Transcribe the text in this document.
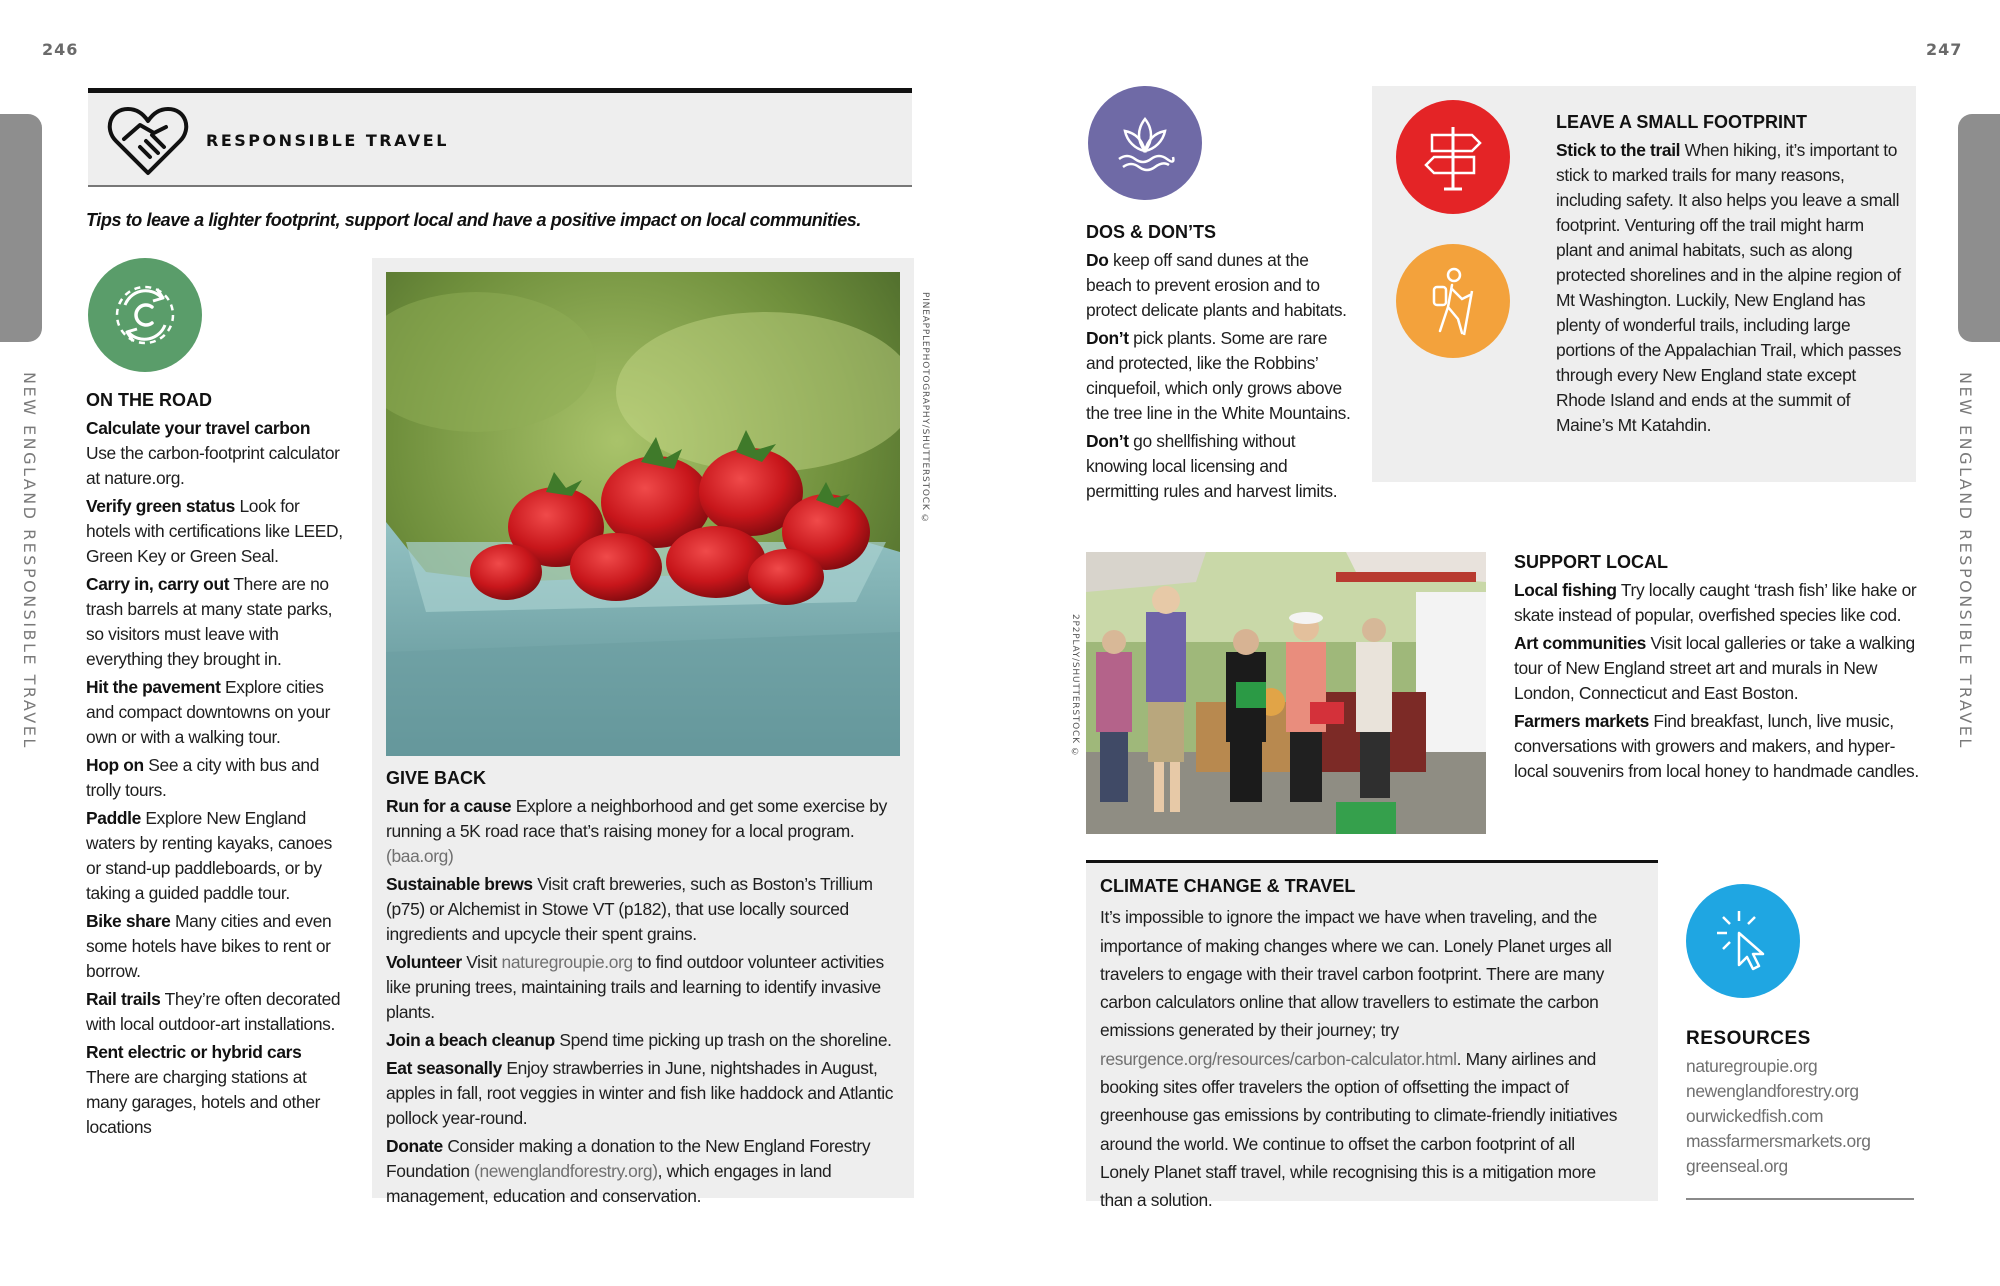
246	247
NEW ENGLAND RESPONSIBLE TRAVEL	NEW ENGLAND RESPONSIBLE TRAVEL
RESPONSIBLE TRAVEL
Tips to leave a lighter footprint, support local and have a positive impact on local communities.
ON THE ROAD

Calculate your travel carbon
Use the carbon-footprint calculator at nature.org.

Verify green status Look for hotels with certifications like LEED, Green Key or Green Seal.

Carry in, carry out There are no trash barrels at many state parks, so visitors must leave with everything they brought in.

Hit the pavement Explore cities and compact downtowns on your own or with a walking tour.

Hop on See a city with bus and trolly tours.

Paddle Explore New England waters by renting kayaks, canoes or stand-up paddleboards, or by taking a guided paddle tour.

Bike share Many cities and even some hotels have bikes to rent or borrow.

Rail trails They’re often decorated with local outdoor-art installations.

Rent electric or hybrid cars
There are charging stations at many garages, hotels and other locations

PINEAPPLEPHOTOGRAPHY/SHUTTERSTOCK ©
GIVE BACK

Run for a cause Explore a neighborhood and get some exercise by running a 5K road race that’s raising money for a local program. (baa.org)

Sustainable brews Visit craft breweries, such as Boston’s Trillium (p75) or Alchemist in Stowe VT (p182), that use locally sourced ingredients and upcycle their spent grains.

Volunteer Visit naturegroupie.org to find outdoor volunteer activities like pruning trees, maintaining trails and learning to identify invasive plants.

Join a beach cleanup Spend time picking up trash on the shoreline.

Eat seasonally Enjoy strawberries in June, nightshades in August, apples in fall, root veggies in winter and fish like haddock and Atlantic pollock year-round.

Donate Consider making a donation to the New England Forestry Foundation (newenglandforestry.org), which engages in land management, education and conservation.

DOS & DON’TS

Do keep off sand dunes at the beach to prevent erosion and to protect delicate plants and habitats.

Don’t pick plants. Some are rare and protected, like the Robbins’ cinquefoil, which only grows above the tree line in the White Mountains.

Don’t go shellfishing without knowing local licensing and permitting rules and harvest limits.

LEAVE A SMALL FOOTPRINT

Stick to the trail When hiking, it’s important to stick to marked trails for many reasons, including safety. It also helps you leave a small footprint. Venturing off the trail might harm plant and animal habitats, such as along protected shorelines and in the alpine region of Mt Washington. Luckily, New England has plenty of wonderful trails, including large portions of the Appalachian Trail, which passes through every New England state except Rhode Island and ends at the summit of Maine’s Mt Katahdin.

2P2PLAY/SHUTTERSTOCK ©
SUPPORT LOCAL

Local fishing Try locally caught ‘trash fish’ like hake or skate instead of popular, overfished species like cod.

Art communities Visit local galleries or take a walking tour of New England street art and murals in New London, Connecticut and East Boston.

Farmers markets Find breakfast, lunch, live music, conversations with growers and makers, and hyper-local souvenirs from local honey to handmade candles.

CLIMATE CHANGE & TRAVEL

It’s impossible to ignore the impact we have when traveling, and the importance of making changes where we can. Lonely Planet urges all travelers to engage with their travel carbon footprint. There are many carbon calculators online that allow travellers to estimate the carbon emissions generated by their journey; try resurgence.org/resources/carbon-calculator.html. Many airlines and booking sites offer travelers the option of offsetting the impact of greenhouse gas emissions by contributing to climate-friendly initiatives around the world. We continue to offset the carbon footprint of all Lonely Planet staff travel, while recognising this is a mitigation more than a solution.

RESOURCES
naturegroupie.org
newenglandforestry.org
ourwickedfish.com
massfarmersmarkets.org
greenseal.org
